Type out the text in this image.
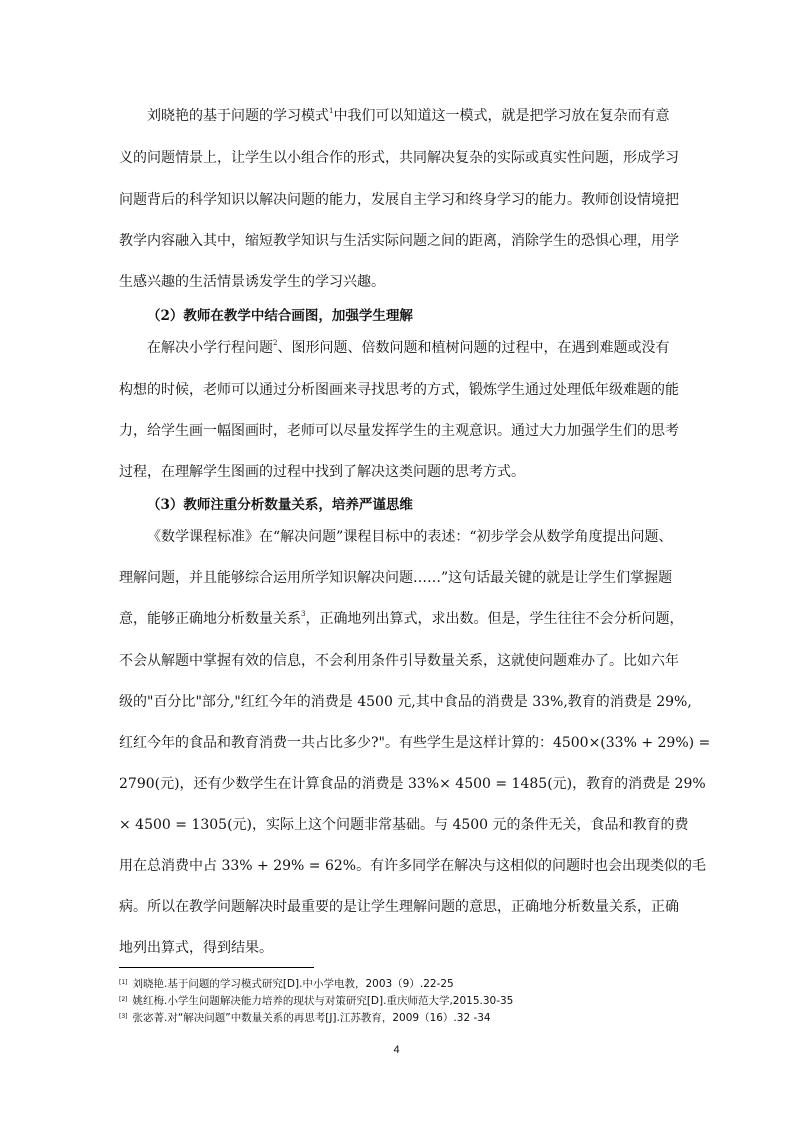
刘晓艳的基于问题的学习模式$^1$中我们可以知道这一模式，就是把学习放在复杂而有意
义的问题情景上，让学生以小组合作的形式，共同解决复杂的实际或真实性问题，形成学习
问题背后的科学知识以解决问题的能力，发展自主学习和终身学习的能力。教师创设情境把
教学内容融入其中，缩短教学知识与生活实际问题之间的距离，消除学生的恐惧心理，用学
生感兴趣的生活情景诱发学生的学习兴趣。
（2）教师在教学中结合画图，加强学生理解
在解决小学行程问题$^2$、图形问题、倍数问题和植树问题的过程中，在遇到难题或没有
构想的时候，老师可以通过分析图画来寻找思考的方式，锻炼学生通过处理低年级难题的能
力，给学生画一幅图画时，老师可以尽量发挥学生的主观意识。通过大力加强学生们的思考
过程，在理解学生图画的过程中找到了解决这类问题的思考方式。
（3）教师注重分析数量关系，培养严谨思维
《数学课程标准》在“解决问题”课程目标中的表述：“初步学会从数学角度提出问题、
理解问题，并且能够综合运用所学知识解决问题……”这句话最关键的就是让学生们掌握题
意，能够正确地分析数量关系$^3$，正确地列出算式，求出数。但是，学生往往不会分析问题，
不会从解题中掌握有效的信息，不会利用条件引导数量关系，这就使问题难办了。比如六年
级的"百分比"部分,"红红今年的消费是 4500 元,其中食品的消费是 33%,教育的消费是 29%,
红红今年的食品和教育消费一共占比多少?"。有些学生是这样计算的：4500×(33% + 29%) =
2790(元)，还有少数学生在计算食品的消费是 33%× 4500 = 1485(元)，教育的消费是 29%
× 4500 = 1305(元)，实际上这个问题非常基础。与 4500 元的条件无关，食品和教育的费
用在总消费中占 33% + 29% = 62%。有许多同学在解决与这相似的问题时也会出现类似的毛
病。所以在教学问题解决时最重要的是让学生理解问题的意思，正确地分析数量关系，正确
地列出算式，得到结果。
[1] 刘晓艳.基于问题的学习模式研究[D].中小学电教，2003（9）.22-25
[2] 姚红梅.小学生问题解决能力培养的现状与对策研究[D].重庆师范大学,2015.30-35
[3] 张宓菁.对“解决问题”中数量关系的再思考[J].江苏教育，2009（16）.32 -34
4
